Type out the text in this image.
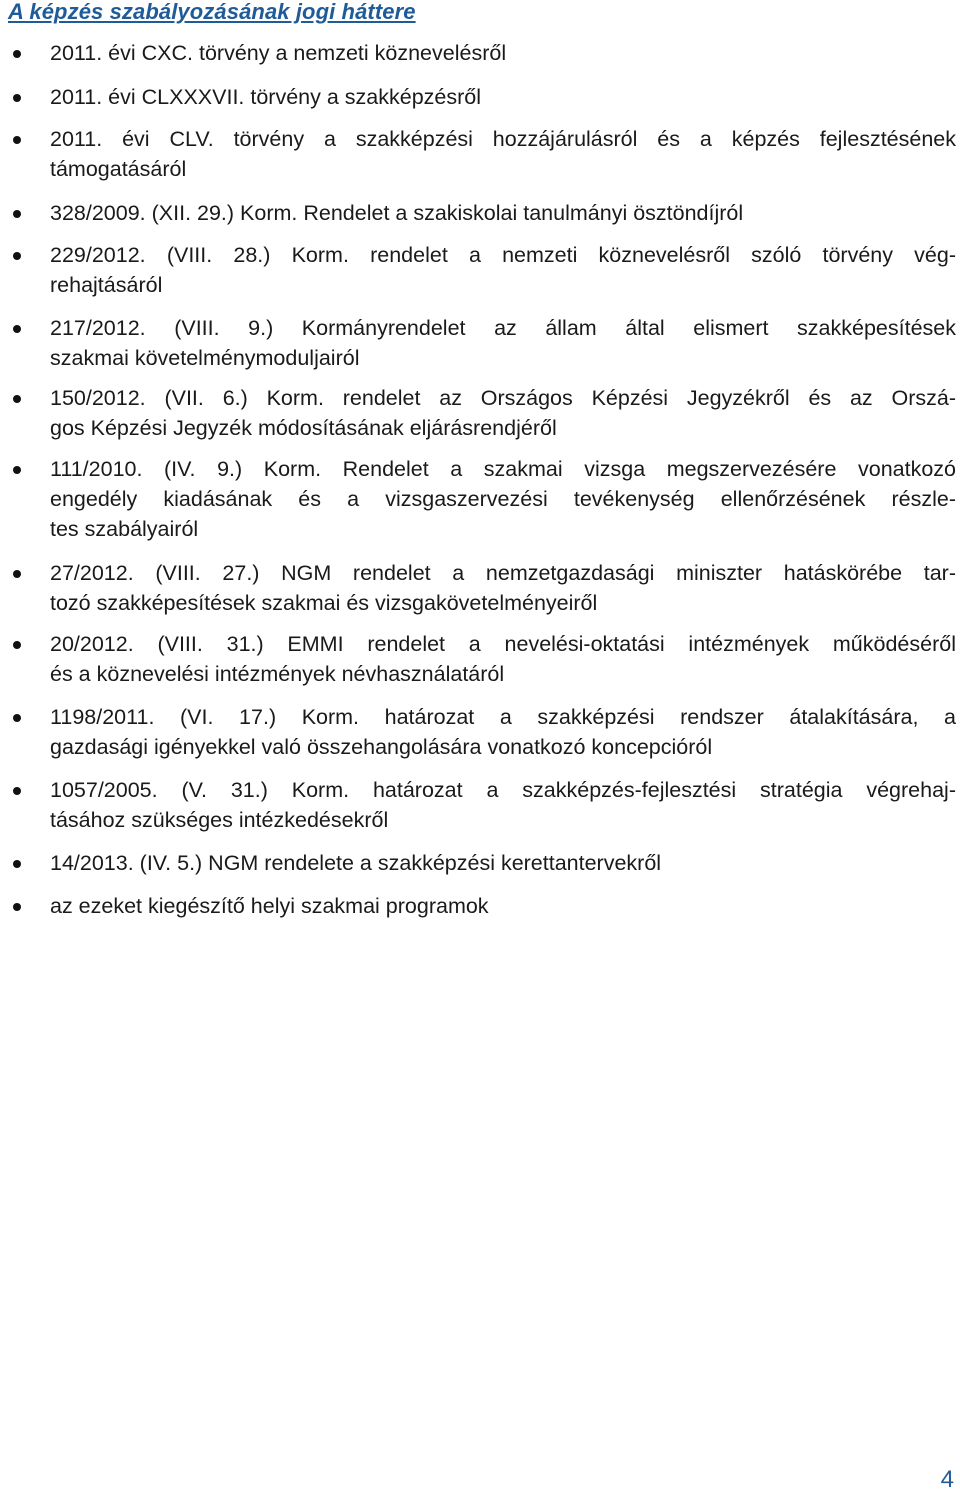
A képzés szabályozásának jogi háttere
2011. évi CXC. törvény a nemzeti köznevelésről
2011. évi CLXXXVII. törvény a szakképzésről
2011. évi CLV. törvény a szakképzési hozzájárulásról és a képzés fejlesztésének
támogatásáról
328/2009. (XII. 29.) Korm. Rendelet a szakiskolai tanulmányi ösztöndíjról
229/2012. (VIII. 28.) Korm. rendelet a nemzeti köznevelésről szóló törvény vég-
rehajtásáról
217/2012. (VIII. 9.) Kormányrendelet az állam által elismert szakképesítések
szakmai követelménymoduljairól
150/2012. (VII. 6.) Korm. rendelet az Országos Képzési Jegyzékről és az Orszá-
gos Képzési Jegyzék módosításának eljárásrendjéről
111/2010. (IV. 9.) Korm. Rendelet a szakmai vizsga megszervezésére vonatkozó
engedély kiadásának és a vizsgaszervezési tevékenység ellenőrzésének részle-
tes szabályairól
27/2012. (VIII. 27.) NGM rendelet a nemzetgazdasági miniszter hatáskörébe tar-
tozó szakképesítések szakmai és vizsgakövetelményeiről
20/2012. (VIII. 31.) EMMI rendelet a nevelési-oktatási intézmények működéséről
és a köznevelési intézmények névhasználatáról
1198/2011. (VI. 17.) Korm. határozat a szakképzési rendszer átalakítására, a
gazdasági igényekkel való összehangolására vonatkozó koncepcióról
1057/2005. (V. 31.) Korm. határozat a szakképzés-fejlesztési stratégia végrehaj-
tásához szükséges intézkedésekről
14/2013. (IV. 5.) NGM rendelete a szakképzési kerettantervekről
az ezeket kiegészítő helyi szakmai programok
4
